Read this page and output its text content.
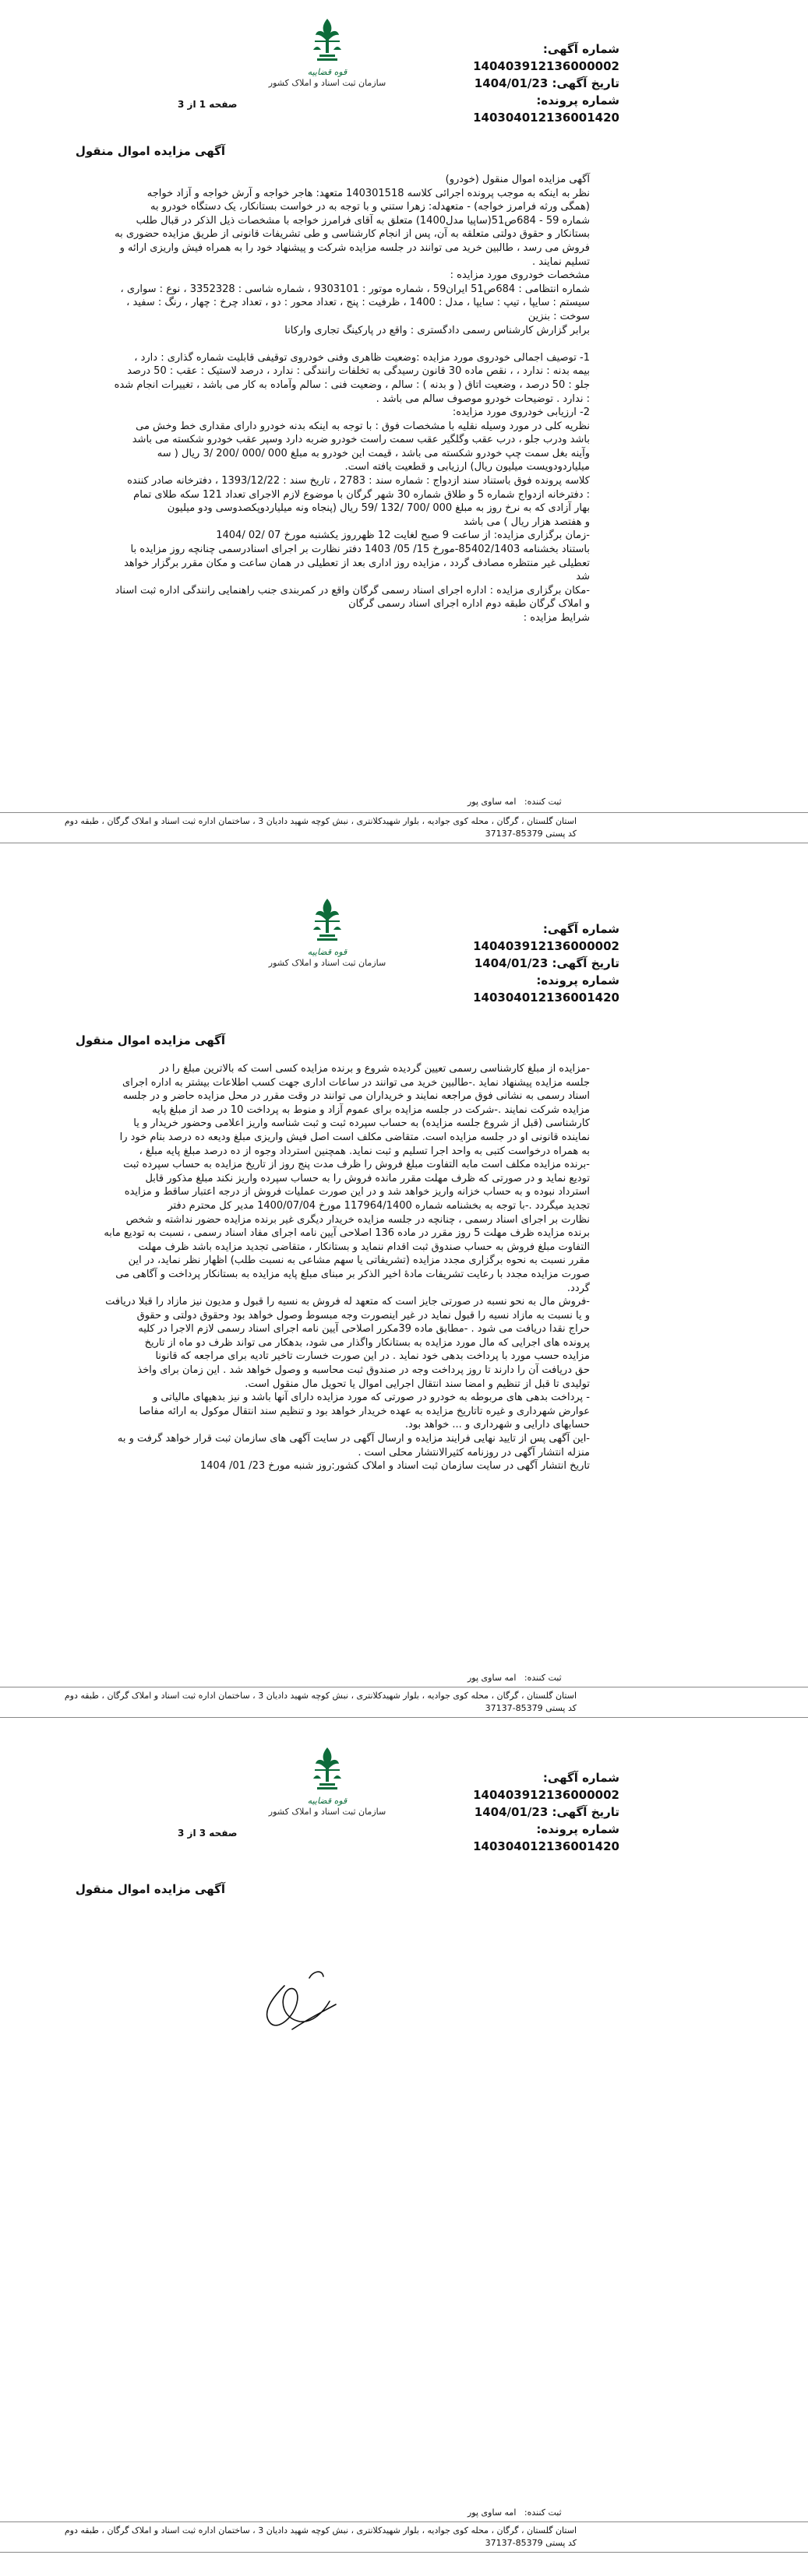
صفحه 1 از 3
قوه قضاییه
سازمان ثبت اسناد و املاک کشور
شماره آگهی: 140403912136000002
تاریخ آگهی: 1404/01/23
شماره پرونده: 140304012136001420
آگهی مزایده اموال منقول

آگهی مزایده اموال منقول (خودرو)

نظر به اینکه به موجب پرونده اجرائی کلاسه 140301518 متعهد: هاجر خواجه و آرش خواجه و آزاد خواجه

(همگی ورثه فرامرز خواجه) - متعهدله: زهرا ستني و با توجه به در خواست بستانکار، یک دستگاه خودرو به

شماره 59 - 684ص51(ساپیا مدل1400) متعلق به آقای فرامرز خواجه با مشخصات ذیل الذکر در قبال طلب

بستانکار و حقوق دولتی متعلقه به آن، پس از انجام کارشناسی و طی تشریفات قانونی از طریق مزایده حضوری به

فروش می رسد ، طالبین خرید می توانند در جلسه مزایده شرکت و پیشنهاد خود را به همراه فیش واریزی ارائه و

تسلیم نمایند .

مشخصات خودروی مورد مزایده :

شماره انتظامی : 684ص51 ایران59 ، شماره موتور : 9303101 ، شماره شاسی : 3352328 ، نوع : سواری ،

سیستم : سایپا ، تیپ : سایپا ، مدل : 1400 ، ظرفیت : پنج ، تعداد محور : دو ، تعداد چرخ : چهار ، رنگ : سفید ،

سوخت : بنزین

برابر گزارش کارشناس رسمی دادگستری : واقع در پارکینگ تجاری وارکانا

1- توصیف اجمالی خودروی مورد مزایده :وضعیت ظاهری وفنی خودروی توقیفی قابلیت شماره گذاری : دارد ،

بیمه بدنه : ندارد ، ، نقص ماده 30 قانون رسیدگی به تخلفات رانندگی : ندارد ، درصد لاستیک : عقب : 50 درصد

جلو : 50 درصد ، وضعیت اتاق ( و بدنه ) : سالم ، وضعیت فنی : سالم وآماده به کار می باشد ، تغییرات انجام شده

: ندارد . توضیحات خودرو موصوف سالم می باشد .

2- ارزیابی خودروی مورد مزایده:

نظریه کلی در مورد وسیله نقلیه با مشخصات فوق : با توجه به اینکه بدنه خودرو دارای مقداری خط وخش می

باشد ودرب جلو ، درب عقب وگلگیر عقب سمت راست خودرو ضربه دارد وسپر عقب خودرو شکسته می باشد

وآینه بغل سمت چپ خودرو شکسته می باشد ، قیمت این خودرو به مبلغ 000 /000 /200 /3 ریال ( سه

میلیاردودویست میلیون ریال) ارزیابی و قطعیت یافته است.

کلاسه پرونده فوق باستناد سند ازدواج : شماره سند : 2783 ، تاریخ سند : 1393/12/22 ، دفترخانه صادر کننده

: دفترخانه ازدواج شماره 5 و طلاق شماره 30 شهر گرگان با موضوع لازم الاجرای تعداد 121 سکه طلای تمام

بهار آزادی که به نرخ روز به مبلغ 000 /700 /132 /59 ریال (پنجاه ونه میلیاردوپکصدوسی ودو میلیون

و هفتصد هزار ریال ) می باشد

-زمان برگزاری مزایده: از ساعت 9 صبح لغایت 12 ظهرروز یکشنبه مورخ 07 /02 /1404

باستناد بخشنامه 85402/1403-مورخ 15/ 05/ 1403 دفتر نظارت بر اجرای اسنادرسمی چنانچه روز مزایده با

تعطیلی غیر منتظره مصادف گردد ، مزایده روز اداری بعد از تعطیلی در همان ساعت و مکان مقرر برگزار خواهد

شد

-مکان برگزاری مزایده : اداره اجرای اسناد رسمی گرگان واقع در کمربندی جنب راهنمایی رانندگی اداره ثبت اسناد

و املاک گرگان طبقه دوم اداره اجرای اسناد رسمی گرگان

شرایط مزایده :

ثبت کننده:   امه ساوی پور
استان گلستان ، گرگان ، محله کوی جوادیه ، بلوار شهیدکلانتری ، نبش کوچه شهید دادیان 3 ، ساختمان اداره ثبت اسناد و املاک گرگان ، طبقه دوم
کد پستی 85379-37137
قوه قضاییه
سازمان ثبت اسناد و املاک کشور
شماره آگهی: 140403912136000002
تاریخ آگهی: 1404/01/23
شماره پرونده: 140304012136001420
آگهی مزایده اموال منقول

-مزایده از مبلغ کارشناسی رسمی تعیین گردیده شروع و برنده مزایده کسی است که بالاترین مبلغ را در

جلسه مزایده پیشنهاد نماید .-طالبین خرید می توانند در ساعات اداری جهت کسب اطلاعات بیشتر به اداره اجرای

اسناد رسمی به نشانی فوق مراجعه نمایند و خریداران می توانند در وقت مقرر در محل مزایده حاضر و در جلسه

مزایده شرکت نمایند .-شرکت در جلسه مزایده برای عموم آزاد و منوط به پرداخت 10 در صد از مبلغ پایه

کارشناسی (قبل از شروع جلسه مزایده) به حساب سپرده ثبت و ثبت شناسه واریز اعلامی وحضور خریدار و یا

نماینده قانونی او در جلسه مزایده است. متقاضی مکلف است اصل فیش واریزی مبلغ ودیعه ده درصد بنام خود را

به همراه درخواست کتبی به واحد اجرا تسلیم و ثبت نماید. همچنین استرداد وجوه از ده درصد مبلغ پایه مبلغ ،

-برنده مزایده مکلف است مابه التفاوت مبلغ فروش را ظرف مدت پنج روز از تاریخ مزایده به حساب سپرده ثبت

تودیع نماید و در صورتی که ظرف مهلت مقرر مانده فروش را به حساب سپرده واریز نکند مبلغ مذکور قابل

استرداد نبوده و به حساب خزانه واریز خواهد شد و در این صورت عملیات فروش از درجه اعتبار ساقط و مزایده

تجدید میگردد .-با توجه به بخشنامه شماره 117964/1400 مورخ 1400/07/04 مدیر کل محترم دفتر

نظارت بر اجرای اسناد رسمی ، چنانچه در جلسه مزایده خریدار دیگری غیر برنده مزایده حضور نداشته و شخص

برنده مزایده ظرف مهلت 5 روز مقرر در ماده 136 اصلاحی آیین نامه اجرای مفاد اسناد رسمی ، نسبت به تودیع مابه

التفاوت مبلغ فروش به حساب صندوق ثبت اقدام ننماید و بستانکار ، متقاضی تجدید مزایده باشد ظرف مهلت

مقرر نسبت به نحوه برگزاری مجدد مزایده (تشریفاتی یا سهم مشاعی به نسبت طلب) اظهار نظر نماید، در این

صورت مزایده مجدد با رعایت تشریفات مادۀ اخیر الذکر بر مبنای مبلغ پایه مزایده به بستانکار پرداخت و آگاهی می

گردد.

-فروش مال به نحو نسبه در صورتی جایز است که متعهد له فروش به نسیه را قبول و مدیون نیز مازاد را قبلا دریافت

و یا نسبت به مازاد نسیه را قبول نماید در غیر اینصورت وجه مبسوط وصول خواهد بود وحقوق دولتی و حقوق

حراج نقدا دریافت می شود . -مطابق ماده 39مکرر اصلاحی آیین نامه اجرای اسناد رسمی لازم الاجرا در کلیه

پرونده های اجرایی که مال مورد مزایده به بستانکار واگذار می شود، بدهکار می تواند ظرف دو ماه از تاریخ

مزایده حسب مورد با پرداخت بدهی خود نماید . در این صورت خسارت تاخیر تادیه برای مراجعه که قانونا

حق دریافت آن را دارند تا روز پرداخت وجه در صندوق ثبت محاسبه و وصول خواهد شد . این زمان برای واخذ

تولیدی تا قبل از تنظیم و امضا سند انتقال اجرایی اموال یا تحویل مال منقول است.

- پرداخت بدهی های مربوطه به خودرو در صورتی که مورد مزایده دارای آنها باشد و نیز بدهیهای مالیاتی و

عوارض شهرداری و غیره تاتاریخ مزایده به عهده خریدار خواهد بود و تنظیم سند انتقال موکول به ارائه مفاصا

حسابهای دارایی و شهرداری و ... خواهد بود.

-این آگهی پس از تایید نهایی فرایند مزایده و ارسال آگهی در سایت آگهی های سازمان ثبت قرار خواهد گرفت و به

منزله انتشار آگهی در روزنامه کثیرالانتشار محلی است .

تاریخ انتشار آگهی در سایت سازمان ثبت اسناد و املاک کشور:روز شنبه مورخ 23/ 01/ 1404

ثبت کننده:   امه ساوی پور
استان گلستان ، گرگان ، محله کوی جوادیه ، بلوار شهیدکلانتری ، نبش کوچه شهید دادیان 3 ، ساختمان اداره ثبت اسناد و املاک گرگان ، طبقه دوم
کد پستی 85379-37137
صفحه 3 از 3
قوه قضاییه
سازمان ثبت اسناد و املاک کشور
شماره آگهی: 140403912136000002
تاریخ آگهی: 1404/01/23
شماره پرونده: 140304012136001420
آگهی مزایده اموال منقول
ثبت کننده:   امه ساوی پور
استان گلستان ، گرگان ، محله کوی جوادیه ، بلوار شهیدکلانتری ، نبش کوچه شهید دادیان 3 ، ساختمان اداره ثبت اسناد و املاک گرگان ، طبقه دوم
کد پستی 85379-37137
